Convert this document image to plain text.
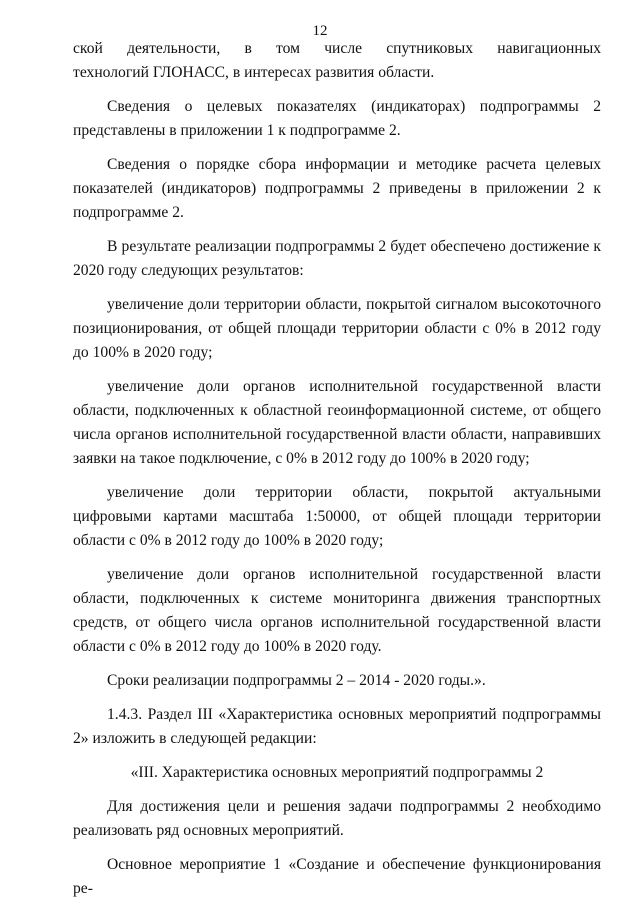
12

ской деятельности, в том числе спутниковых навигационных
технологий ГЛОНАСС, в интересах развития области.

Сведения о целевых показателях (индикаторах) подпрограммы 2 представлены в приложении 1 к подпрограмме 2.

Сведения о порядке сбора информации и методике расчета целевых показателей (индикаторов) подпрограммы 2 приведены в приложении 2 к подпрограмме 2.

В результате реализации подпрограммы 2 будет обеспечено достижение к 2020 году следующих результатов:

увеличение доли территории области, покрытой сигналом высокоточного позиционирования, от общей площади территории области с 0% в 2012 году до 100% в 2020 году;

увеличение доли органов исполнительной государственной власти области, подключенных к областной геоинформационной системе, от общего числа органов исполнительной государственной власти области, направивших заявки на такое подключение, с 0% в 2012 году до 100% в 2020 году;

увеличение доли территории области, покрытой актуальными цифровыми картами масштаба 1:50000, от общей площади территории области с 0% в 2012 году до 100% в 2020 году;

увеличение доли органов исполнительной государственной власти области, подключенных к системе мониторинга движения транспортных средств, от общего числа органов исполнительной государственной власти области с 0% в 2012 году до 100% в 2020 году.

Сроки реализации подпрограммы 2 – 2014 - 2020 годы.».

1.4.3. Раздел III «Характеристика основных мероприятий подпрограммы 2» изложить в следующей редакции:

«III. Характеристика основных мероприятий подпрограммы 2

Для достижения цели и решения задачи подпрограммы 2 необходимо реализовать ряд основных мероприятий.

Основное мероприятие 1 «Создание и обеспечение функционирования ре-
